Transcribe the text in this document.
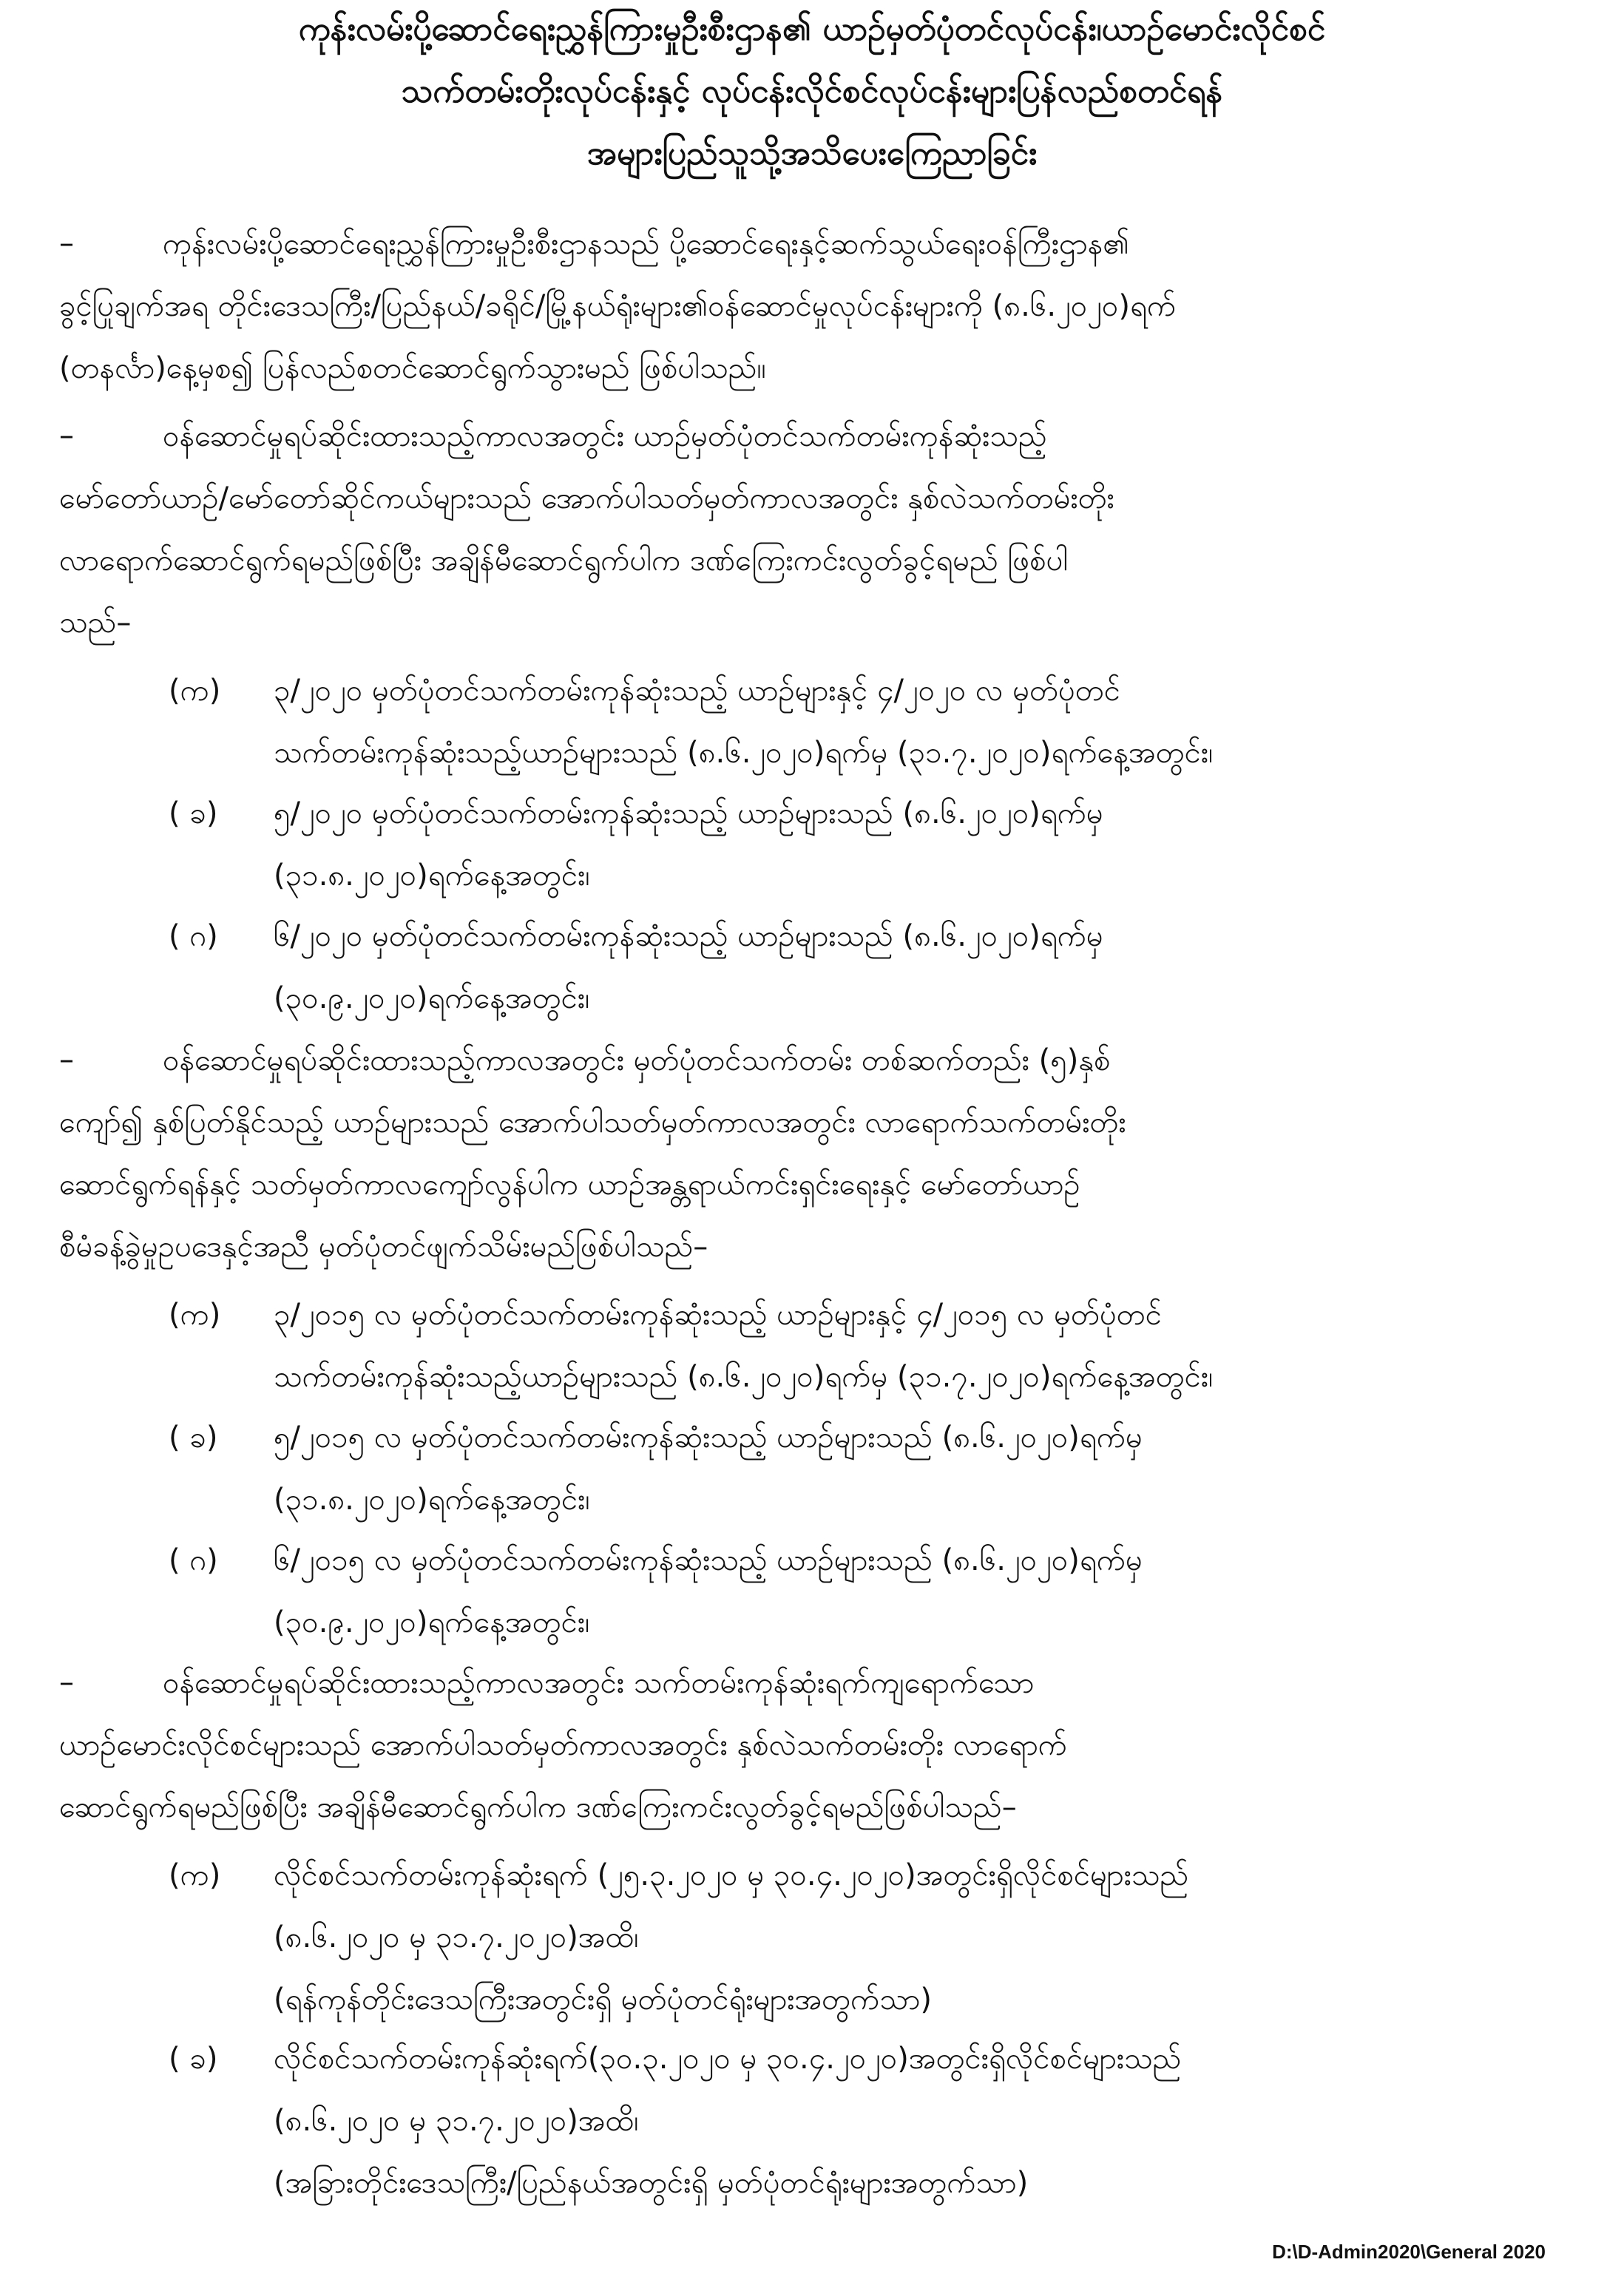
ကုန်းလမ်းပို့ဆောင်ရေးညွှန်ကြားမှုဦးစီးဌာန၏ ယာဉ်မှတ်ပုံတင်လုပ်ငန်း၊ယာဉ်မောင်းလိုင်စင်
သက်တမ်းတိုးလုပ်ငန်းနှင့် လုပ်ငန်းလိုင်စင်လုပ်ငန်းများပြန်လည်စတင်ရန်
အများပြည်သူသို့အသိပေးကြေညာခြင်း
–	ကုန်းလမ်းပို့ဆောင်ရေးညွှန်ကြားမှုဦးစီးဌာနသည် ပို့ဆောင်ရေးနှင့်ဆက်သွယ်ရေးဝန်ကြီးဌာန၏
ခွင့်ပြုချက်အရ တိုင်းဒေသကြီး/ပြည်နယ်/ခရိုင်/မြို့နယ်ရုံးများ၏ဝန်ဆောင်မှုလုပ်ငန်းများကို (၈.၆.၂၀၂၀)ရက်
(တနင်္လာ)နေ့မှစ၍ ပြန်လည်စတင်ဆောင်ရွက်သွားမည် ဖြစ်ပါသည်။
–	ဝန်ဆောင်မှုရပ်ဆိုင်းထားသည့်ကာလအတွင်း ယာဉ်မှတ်ပုံတင်သက်တမ်းကုန်ဆုံးသည့်
မော်တော်ယာဉ်/မော်တော်ဆိုင်ကယ်များသည် အောက်ပါသတ်မှတ်ကာလအတွင်း နှစ်လဲသက်တမ်းတိုး
လာရောက်ဆောင်ရွက်ရမည်ဖြစ်ပြီး အချိန်မီဆောင်ရွက်ပါက ဒဏ်ကြေးကင်းလွတ်ခွင့်ရမည် ဖြစ်ပါ
သည်–
(က) ၃/၂၀၂၀ မှတ်ပုံတင်သက်တမ်းကုန်ဆုံးသည့် ယာဉ်များနှင့် ၄/၂၀၂၀ လ မှတ်ပုံတင်
သက်တမ်းကုန်ဆုံးသည့်ယာဉ်များသည် (၈.၆.၂၀၂၀)ရက်မှ (၃၁.၇.၂၀၂၀)ရက်နေ့အတွင်း၊
( ခ) ၅/၂၀၂၀ မှတ်ပုံတင်သက်တမ်းကုန်ဆုံးသည့် ယာဉ်များသည် (၈.၆.၂၀၂၀)ရက်မှ
(၃၁.၈.၂၀၂၀)ရက်နေ့အတွင်း၊
( ဂ) ၆/၂၀၂၀ မှတ်ပုံတင်သက်တမ်းကုန်ဆုံးသည့် ယာဉ်များသည် (၈.၆.၂၀၂၀)ရက်မှ
(၃၀.၉.၂၀၂၀)ရက်နေ့အတွင်း၊
–	ဝန်ဆောင်မှုရပ်ဆိုင်းထားသည့်ကာလအတွင်း မှတ်ပုံတင်သက်တမ်း တစ်ဆက်တည်း (၅)နှစ်
ကျော်၍ နှစ်ပြတ်နိုင်သည့် ယာဉ်များသည် အောက်ပါသတ်မှတ်ကာလအတွင်း လာရောက်သက်တမ်းတိုး
ဆောင်ရွက်ရန်နှင့် သတ်မှတ်ကာလကျော်လွန်ပါက ယာဉ်အန္တရာယ်ကင်းရှင်းရေးနှင့် မော်တော်ယာဉ်
စီမံခန့်ခွဲမှုဥပဒေနှင့်အညီ မှတ်ပုံတင်ဖျက်သိမ်းမည်ဖြစ်ပါသည်–
(က) ၃/၂၀၁၅ လ မှတ်ပုံတင်သက်တမ်းကုန်ဆုံးသည့် ယာဉ်များနှင့် ၄/၂၀၁၅ လ မှတ်ပုံတင်
သက်တမ်းကုန်ဆုံးသည့်ယာဉ်များသည် (၈.၆.၂၀၂၀)ရက်မှ (၃၁.၇.၂၀၂၀)ရက်နေ့အတွင်း၊
( ခ) ၅/၂၀၁၅ လ မှတ်ပုံတင်သက်တမ်းကုန်ဆုံးသည့် ယာဉ်များသည် (၈.၆.၂၀၂၀)ရက်မှ
(၃၁.၈.၂၀၂၀)ရက်နေ့အတွင်း၊
( ဂ) ၆/၂၀၁၅ လ မှတ်ပုံတင်သက်တမ်းကုန်ဆုံးသည့် ယာဉ်များသည် (၈.၆.၂၀၂၀)ရက်မှ
(၃၀.၉.၂၀၂၀)ရက်နေ့အတွင်း၊
–	ဝန်ဆောင်မှုရပ်ဆိုင်းထားသည့်ကာလအတွင်း သက်တမ်းကုန်ဆုံးရက်ကျရောက်သော
ယာဉ်မောင်းလိုင်စင်များသည် အောက်ပါသတ်မှတ်ကာလအတွင်း နှစ်လဲသက်တမ်းတိုး လာရောက်
ဆောင်ရွက်ရမည်ဖြစ်ပြီး အချိန်မီဆောင်ရွက်ပါက ဒဏ်ကြေးကင်းလွတ်ခွင့်ရမည်ဖြစ်ပါသည်–
(က) လိုင်စင်သက်တမ်းကုန်ဆုံးရက် (၂၅.၃.၂၀၂၀ မှ ၃၀.၄.၂၀၂၀)အတွင်းရှိလိုင်စင်များသည်
(၈.၆.၂၀၂၀ မှ ၃၁.၇.၂၀၂၀)အထိ၊
(ရန်ကုန်တိုင်းဒေသကြီးအတွင်းရှိ မှတ်ပုံတင်ရုံးများအတွက်သာ)
( ခ) လိုင်စင်သက်တမ်းကုန်ဆုံးရက်(၃၀.၃.၂၀၂၀ မှ ၃၀.၄.၂၀၂၀)အတွင်းရှိလိုင်စင်များသည်
(၈.၆.၂၀၂၀ မှ ၃၁.၇.၂၀၂၀)အထိ၊
(အခြားတိုင်းဒေသကြီး/ပြည်နယ်အတွင်းရှိ မှတ်ပုံတင်ရုံးများအတွက်သာ)
D:\D-Admin2020\General 2020
